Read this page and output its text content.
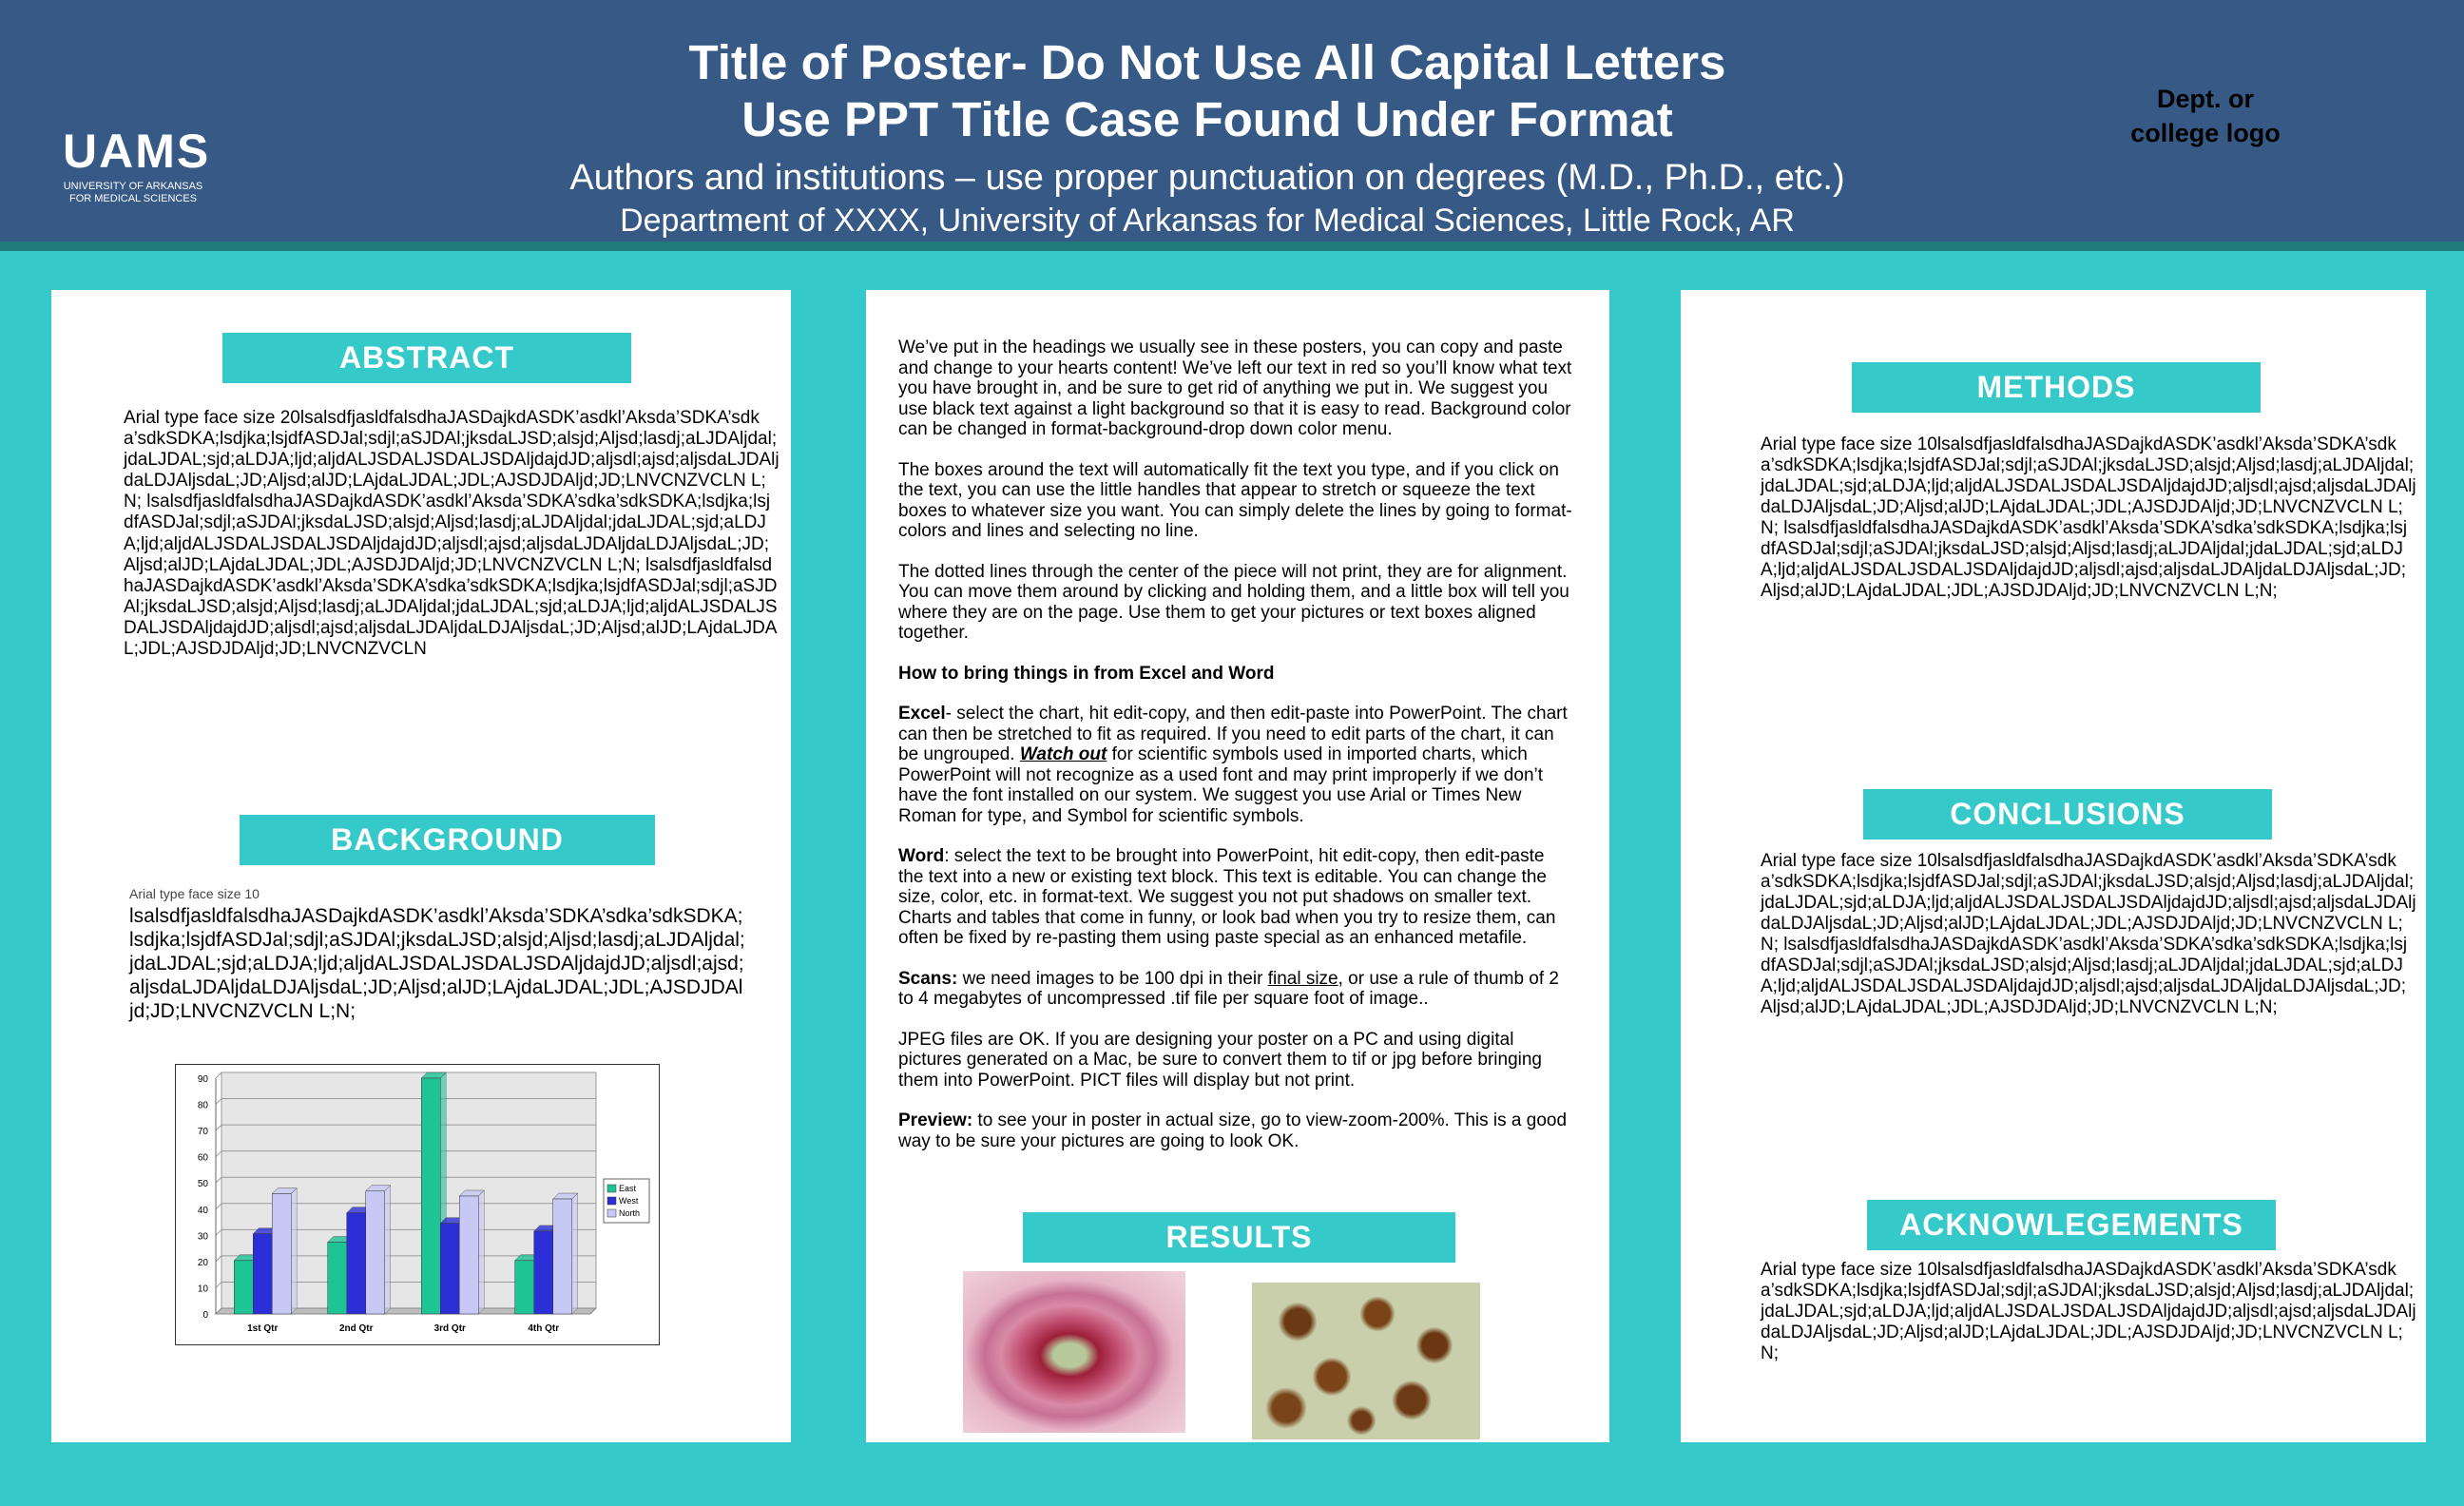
UAMS
UNIVERSITY OF ARKANSAS
FOR MEDICAL SCIENCES
Title of Poster- Do Not Use All Capital Letters
Use PPT Title Case Found Under Format
Authors and institutions – use proper punctuation on degrees (M.D., Ph.D., etc.)
Department of XXXX, University of Arkansas for Medical Sciences, Little Rock, AR
Dept. or
college logo
ABSTRACT
Arial type face size 20lsalsdfjasldfalsdhaJASDajkdASDK’asdkl’Aksda’SDKA’sdka’sdkSDKA;lsdjka;lsjdfASDJal;sdjl;aSJDAl;jksdaLJSD;alsjd;Aljsd;lasdj;aLJDAljdal;jdaLJDAL;sjd;aLDJA;ljd;aljdALJSDALJSDALJSDAljdajdJD;aljsdl;ajsd;aljsdaLJDAljdaLDJAljsdaL;JD;Aljsd;alJD;LAjdaLJDAL;JDL;AJSDJDAljd;JD;LNVCNZVCLN L;N; lsalsdfjasldfalsdhaJASDajkdASDK’asdkl’Aksda’SDKA’sdka’sdkSDKA;lsdjka;lsjdfASDJal;sdjl;aSJDAl;jksdaLJSD;alsjd;Aljsd;lasdj;aLJDAljdal;jdaLJDAL;sjd;aLDJA;ljd;aljdALJSDALJSDALJSDAljdajdJD;aljsdl;ajsd;aljsdaLJDAljdaLDJAljsdaL;JD;Aljsd;alJD;LAjdaLJDAL;JDL;AJSDJDAljd;JD;LNVCNZVCLN L;N; lsalsdfjasldfalsdhaJASDajkdASDK’asdkl’Aksda’SDKA’sdka’sdkSDKA;lsdjka;lsjdfASDJal;sdjl;aSJDAl;jksdaLJSD;alsjd;Aljsd;lasdj;aLJDAljdal;jdaLJDAL;sjd;aLDJA;ljd;aljdALJSDALJSDALJSDAljdajdJD;aljsdl;ajsd;aljsdaLJDAljdaLDJAljsdaL;JD;Aljsd;alJD;LAjdaLJDAL;JDL;AJSDJDAljd;JD;LNVCNZVCLN
BACKGROUND
Arial type face size 10
lsalsdfjasldfalsdhaJASDajkdASDK’asdkl’Aksda’SDKA’sdka’sdkSDKA;lsdjka;lsjdfASDJal;sdjl;aSJDAl;jksdaLJSD;alsjd;Aljsd;lasdj;aLJDAljdal;jdaLJDAL;sjd;aLDJA;ljd;aljdALJSDALJSDALJSDAljdajdJD;aljsdl;ajsd;aljsdaLJDAljdaLDJAljsdaL;JD;Aljsd;alJD;LAjdaLJDAL;JDL;AJSDJDAljd;JD;LNVCNZVCLN L;N;
0
10
20
30
40
50
60
70
80
90
1st Qtr	2nd Qtr	3rd Qtr	4th Qtr
East
West
North

We’ve put in the headings we usually see in these posters, you can copy and paste and change to your hearts content! We’ve left our text in red so you’ll know what text you have brought in, and be sure to get rid of anything we put in. We suggest you use black text against a light background so that it is easy to read. Background color can be changed in format-background-drop down color menu.

The boxes around the text will automatically fit the text you type, and if you click on the text, you can use the little handles that appear to stretch or squeeze the text boxes to whatever size you want. You can simply delete the lines by going to format-colors and lines and selecting no line.

The dotted lines through the center of the piece will not print, they are for alignment. You can move them around by clicking and holding them, and a little box will tell you where they are on the page. Use them to get your pictures or text boxes aligned together.

How to bring things in from Excel and Word

Excel- select the chart, hit edit-copy, and then edit-paste into PowerPoint. The chart can then be stretched to fit as required. If you need to edit parts of the chart, it can be ungrouped. Watch out for scientific symbols used in imported charts, which PowerPoint will not recognize as a used font and may print improperly if we don’t have the font installed on our system. We suggest you use Arial or Times New Roman for type, and Symbol for scientific symbols.

Word: select the text to be brought into PowerPoint, hit edit-copy, then edit-paste the text into a new or existing text block. This text is editable. You can change the size, color, etc. in format-text. We suggest you not put shadows on smaller text. Charts and tables that come in funny, or look bad when you try to resize them, can often be fixed by re-pasting them using paste special as an enhanced metafile.

Scans: we need images to be 100 dpi in their final size, or use a rule of thumb of 2 to 4 megabytes of uncompressed .tif file per square foot of image..

JPEG files are OK. If you are designing your poster on a PC and using digital pictures generated on a Mac, be sure to convert them to tif or jpg before bringing them into PowerPoint. PICT files will display but not print.

Preview: to see your in poster in actual size, go to view-zoom-200%. This is a good way to be sure your pictures are going to look OK.

RESULTS
METHODS
Arial type face size 10lsalsdfjasldfalsdhaJASDajkdASDK’asdkl’Aksda’SDKA’sdka’sdkSDKA;lsdjka;lsjdfASDJal;sdjl;aSJDAl;jksdaLJSD;alsjd;Aljsd;lasdj;aLJDAljdal;jdaLJDAL;sjd;aLDJA;ljd;aljdALJSDALJSDALJSDAljdajdJD;aljsdl;ajsd;aljsdaLJDAljdaLDJAljsdaL;JD;Aljsd;alJD;LAjdaLJDAL;JDL;AJSDJDAljd;JD;LNVCNZVCLN L;N; lsalsdfjasldfalsdhaJASDajkdASDK’asdkl’Aksda’SDKA’sdka’sdkSDKA;lsdjka;lsjdfASDJal;sdjl;aSJDAl;jksdaLJSD;alsjd;Aljsd;lasdj;aLJDAljdal;jdaLJDAL;sjd;aLDJA;ljd;aljdALJSDALJSDALJSDAljdajdJD;aljsdl;ajsd;aljsdaLJDAljdaLDJAljsdaL;JD;Aljsd;alJD;LAjdaLJDAL;JDL;AJSDJDAljd;JD;LNVCNZVCLN L;N;
CONCLUSIONS
Arial type face size 10lsalsdfjasldfalsdhaJASDajkdASDK’asdkl’Aksda’SDKA’sdka’sdkSDKA;lsdjka;lsjdfASDJal;sdjl;aSJDAl;jksdaLJSD;alsjd;Aljsd;lasdj;aLJDAljdal;jdaLJDAL;sjd;aLDJA;ljd;aljdALJSDALJSDALJSDAljdajdJD;aljsdl;ajsd;aljsdaLJDAljdaLDJAljsdaL;JD;Aljsd;alJD;LAjdaLJDAL;JDL;AJSDJDAljd;JD;LNVCNZVCLN L;N; lsalsdfjasldfalsdhaJASDajkdASDK’asdkl’Aksda’SDKA’sdka’sdkSDKA;lsdjka;lsjdfASDJal;sdjl;aSJDAl;jksdaLJSD;alsjd;Aljsd;lasdj;aLJDAljdal;jdaLJDAL;sjd;aLDJA;ljd;aljdALJSDALJSDALJSDAljdajdJD;aljsdl;ajsd;aljsdaLJDAljdaLDJAljsdaL;JD;Aljsd;alJD;LAjdaLJDAL;JDL;AJSDJDAljd;JD;LNVCNZVCLN L;N;
ACKNOWLEGEMENTS
Arial type face size 10lsalsdfjasldfalsdhaJASDajkdASDK’asdkl’Aksda’SDKA’sdka’sdkSDKA;lsdjka;lsjdfASDJal;sdjl;aSJDAl;jksdaLJSD;alsjd;Aljsd;lasdj;aLJDAljdal;jdaLJDAL;sjd;aLDJA;ljd;aljdALJSDALJSDALJSDAljdajdJD;aljsdl;ajsd;aljsdaLJDAljdaLDJAljsdaL;JD;Aljsd;alJD;LAjdaLJDAL;JDL;AJSDJDAljd;JD;LNVCNZVCLN L;N;
